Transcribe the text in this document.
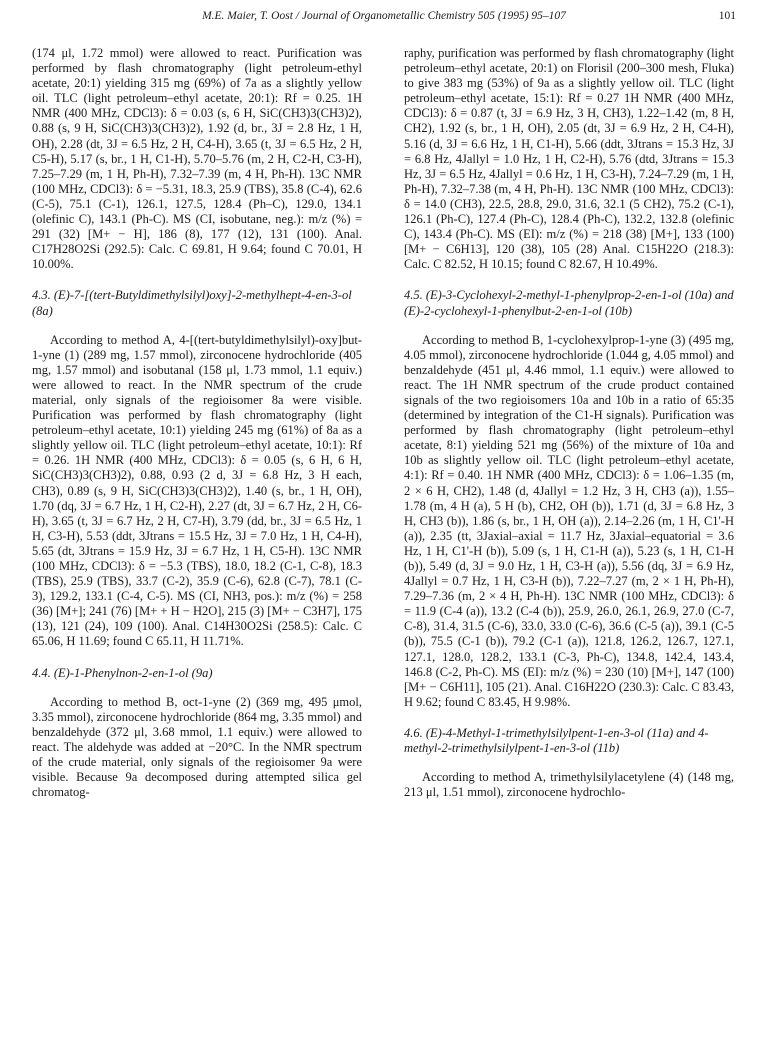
M.E. Maier, T. Oost / Journal of Organometallic Chemistry 505 (1995) 95–107	101

(174 μl, 1.72 mmol) were allowed to react. Purification was performed by flash chromatography (light petroleum-ethyl acetate, 20:1) yielding 315 mg (69%) of 7a as a slightly yellow oil. TLC (light petroleum–ethyl acetate, 20:1): Rf = 0.25. 1H NMR (400 MHz, CDCl3): δ = 0.03 (s, 6 H, SiC(CH3)3(CH3)2), 0.88 (s, 9 H, SiC(CH3)3(CH3)2), 1.92 (d, br., 3J = 2.8 Hz, 1 H, OH), 2.28 (dt, 3J = 6.5 Hz, 2 H, C4-H), 3.65 (t, 3J = 6.5 Hz, 2 H, C5-H), 5.17 (s, br., 1 H, C1-H), 5.70–5.76 (m, 2 H, C2-H, C3-H), 7.25–7.29 (m, 1 H, Ph-H), 7.32–7.39 (m, 4 H, Ph-H). 13C NMR (100 MHz, CDCl3): δ = −5.31, 18.3, 25.9 (TBS), 35.8 (C-4), 62.6 (C-5), 75.1 (C-1), 126.1, 127.5, 128.4 (Ph–C), 129.0, 134.1 (olefinic C), 143.1 (Ph-C). MS (CI, isobutane, neg.): m/z (%) = 291 (32) [M+ − H], 186 (8), 177 (12), 131 (100). Anal. C17H28O2Si (292.5): Calc. C 69.81, H 9.64; found C 70.01, H 10.00%.

4.3. (E)-7-[(tert-Butyldimethylsilyl)oxy]-2-methylhept-4-en-3-ol (8a)

According to method A, 4-[(tert-butyldimethylsilyl)-oxy]but-1-yne (1) (289 mg, 1.57 mmol), zirconocene hydrochloride (405 mg, 1.57 mmol) and isobutanal (158 μl, 1.73 mmol, 1.1 equiv.) were allowed to react. In the NMR spectrum of the crude material, only signals of the regioisomer 8a were visible. Purification was performed by flash chromatography (light petroleum–ethyl acetate, 10:1) yielding 245 mg (61%) of 8a as a slightly yellow oil. TLC (light petroleum–ethyl acetate, 10:1): Rf = 0.26. 1H NMR (400 MHz, CDCl3): δ = 0.05 (s, 6 H, 6 H, SiC(CH3)3(CH3)2), 0.88, 0.93 (2 d, 3J = 6.8 Hz, 3 H each, CH3), 0.89 (s, 9 H, SiC(CH3)3(CH3)2), 1.40 (s, br., 1 H, OH), 1.70 (dq, 3J = 6.7 Hz, 1 H, C2-H), 2.27 (dt, 3J = 6.7 Hz, 2 H, C6-H), 3.65 (t, 3J = 6.7 Hz, 2 H, C7-H), 3.79 (dd, br., 3J = 6.5 Hz, 1 H, C3-H), 5.53 (ddt, 3Jtrans = 15.5 Hz, 3J = 7.0 Hz, 1 H, C4-H), 5.65 (dt, 3Jtrans = 15.9 Hz, 3J = 6.7 Hz, 1 H, C5-H). 13C NMR (100 MHz, CDCl3): δ = −5.3 (TBS), 18.0, 18.2 (C-1, C-8), 18.3 (TBS), 25.9 (TBS), 33.7 (C-2), 35.9 (C-6), 62.8 (C-7), 78.1 (C-3), 129.2, 133.1 (C-4, C-5). MS (CI, NH3, pos.): m/z (%) = 258 (36) [M+]; 241 (76) [M+ + H − H2O], 215 (3) [M+ − C3H7], 175 (13), 121 (24), 109 (100). Anal. C14H30O2Si (258.5): Calc. C 65.06, H 11.69; found C 65.11, H 11.71%.

4.4. (E)-1-Phenylnon-2-en-1-ol (9a)

According to method B, oct-1-yne (2) (369 mg, 495 μmol, 3.35 mmol), zirconocene hydrochloride (864 mg, 3.35 mmol) and benzaldehyde (372 μl, 3.68 mmol, 1.1 equiv.) were allowed to react. The aldehyde was added at −20°C. In the NMR spectrum of the crude material, only signals of the regioisomer 9a were visible. Because 9a decomposed during attempted silica gel chromatog-

raphy, purification was performed by flash chromatography (light petroleum–ethyl acetate, 20:1) on Florisil (200–300 mesh, Fluka) to give 383 mg (53%) of 9a as a slightly yellow oil. TLC (light petroleum–ethyl acetate, 15:1): Rf = 0.27 1H NMR (400 MHz, CDCl3): δ = 0.87 (t, 3J = 6.9 Hz, 3 H, CH3), 1.22–1.42 (m, 8 H, CH2), 1.92 (s, br., 1 H, OH), 2.05 (dt, 3J = 6.9 Hz, 2 H, C4-H), 5.16 (d, 3J = 6.6 Hz, 1 H, C1-H), 5.66 (ddt, 3Jtrans = 15.3 Hz, 3J = 6.8 Hz, 4Jallyl = 1.0 Hz, 1 H, C2-H), 5.76 (dtd, 3Jtrans = 15.3 Hz, 3J = 6.5 Hz, 4Jallyl = 0.6 Hz, 1 H, C3-H), 7.24–7.29 (m, 1 H, Ph-H), 7.32–7.38 (m, 4 H, Ph-H). 13C NMR (100 MHz, CDCl3): δ = 14.0 (CH3), 22.5, 28.8, 29.0, 31.6, 32.1 (5 CH2), 75.2 (C-1), 126.1 (Ph-C), 127.4 (Ph-C), 128.4 (Ph-C), 132.2, 132.8 (olefinic C), 143.4 (Ph-C). MS (EI): m/z (%) = 218 (38) [M+], 133 (100) [M+ − C6H13], 120 (38), 105 (28) Anal. C15H22O (218.3): Calc. C 82.52, H 10.15; found C 82.67, H 10.49%.

4.5. (E)-3-Cyclohexyl-2-methyl-1-phenylprop-2-en-1-ol (10a) and (E)-2-cyclohexyl-1-phenylbut-2-en-1-ol (10b)

According to method B, 1-cyclohexylprop-1-yne (3) (495 mg, 4.05 mmol), zirconocene hydrochloride (1.044 g, 4.05 mmol) and benzaldehyde (451 μl, 4.46 mmol, 1.1 equiv.) were allowed to react. The 1H NMR spectrum of the crude product contained signals of the two regioisomers 10a and 10b in a ratio of 65:35 (determined by integration of the C1-H signals). Purification was performed by flash chromatography (light petroleum–ethyl acetate, 8:1) yielding 521 mg (56%) of the mixture of 10a and 10b as slightly yellow oil. TLC (light petroleum–ethyl acetate, 4:1): Rf = 0.40. 1H NMR (400 MHz, CDCl3): δ = 1.06–1.35 (m, 2 × 6 H, CH2), 1.48 (d, 4Jallyl = 1.2 Hz, 3 H, CH3 (a)), 1.55–1.78 (m, 4 H (a), 5 H (b), CH2, OH (b)), 1.71 (d, 3J = 6.8 Hz, 3 H, CH3 (b)), 1.86 (s, br., 1 H, OH (a)), 2.14–2.26 (m, 1 H, C1'-H (a)), 2.35 (tt, 3Jaxial–axial = 11.7 Hz, 3Jaxial–equatorial = 3.6 Hz, 1 H, C1'-H (b)), 5.09 (s, 1 H, C1-H (a)), 5.23 (s, 1 H, C1-H (b)), 5.49 (d, 3J = 9.0 Hz, 1 H, C3-H (a)), 5.56 (dq, 3J = 6.9 Hz, 4Jallyl = 0.7 Hz, 1 H, C3-H (b)), 7.22–7.27 (m, 2 × 1 H, Ph-H), 7.29–7.36 (m, 2 × 4 H, Ph-H). 13C NMR (100 MHz, CDCl3): δ = 11.9 (C-4 (a)), 13.2 (C-4 (b)), 25.9, 26.0, 26.1, 26.9, 27.0 (C-7, C-8), 31.4, 31.5 (C-6), 33.0, 33.0 (C-6), 36.6 (C-5 (a)), 39.1 (C-5 (b)), 75.5 (C-1 (b)), 79.2 (C-1 (a)), 121.8, 126.2, 126.7, 127.1, 127.1, 128.0, 128.2, 133.1 (C-3, Ph-C), 134.8, 142.4, 143.4, 146.8 (C-2, Ph-C). MS (EI): m/z (%) = 230 (10) [M+], 147 (100) [M+ − C6H11], 105 (21). Anal. C16H22O (230.3): Calc. C 83.43, H 9.62; found C 83.45, H 9.98%.

4.6. (E)-4-Methyl-1-trimethylsilylpent-1-en-3-ol (11a) and 4-methyl-2-trimethylsilylpent-1-en-3-ol (11b)

According to method A, trimethylsilylacetylene (4) (148 mg, 213 μl, 1.51 mmol), zirconocene hydrochlo-
